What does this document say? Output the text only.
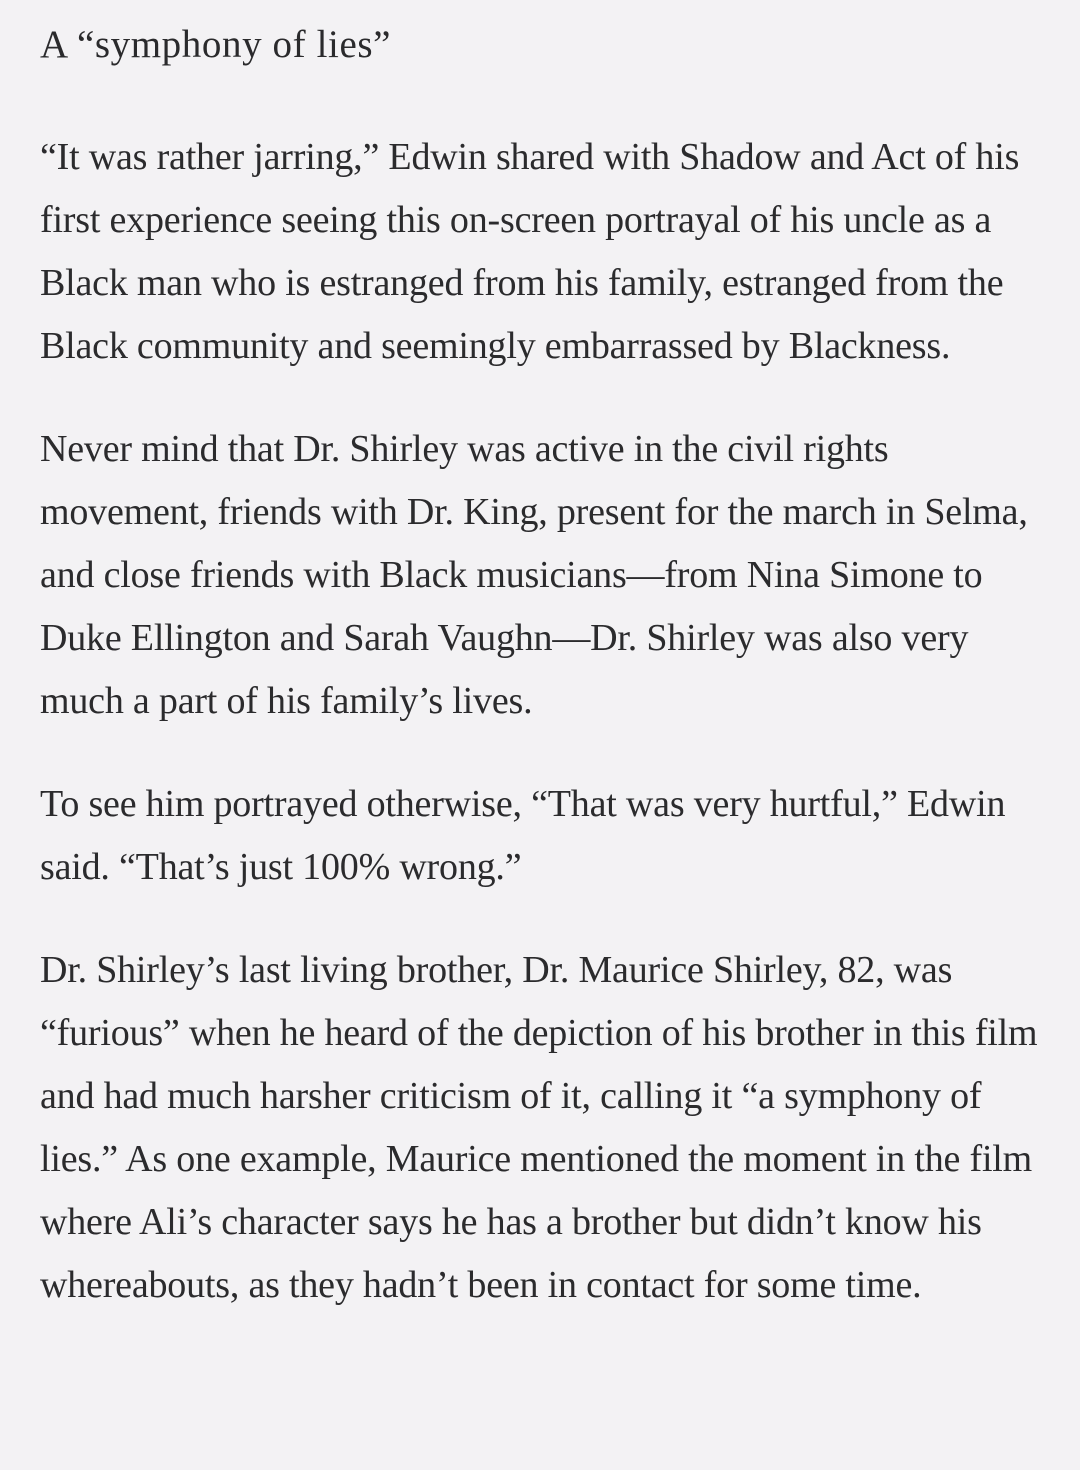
A “symphony of lies”

“It was rather jarring,” Edwin shared with Shadow and Act of his first experience seeing this on-screen portrayal of his uncle as a Black man who is estranged from his family, estranged from the Black community and seemingly embarrassed by Blackness.

Never mind that Dr. Shirley was active in the civil rights movement, friends with Dr. King, present for the march in Selma, and close friends with Black musicians—from Nina Simone to Duke Ellington and Sarah Vaughn—Dr. Shirley was also very much a part of his family’s lives.

To see him portrayed otherwise, “That was very hurtful,” Edwin said. “That’s just 100% wrong.”

Dr. Shirley’s last living brother, Dr. Maurice Shirley, 82, was “furious” when he heard of the depiction of his brother in this film and had much harsher criticism of it, calling it “a symphony of lies.” As one example, Maurice mentioned the moment in the film where Ali’s character says he has a brother but didn’t know his whereabouts, as they hadn’t been in contact for some time.
